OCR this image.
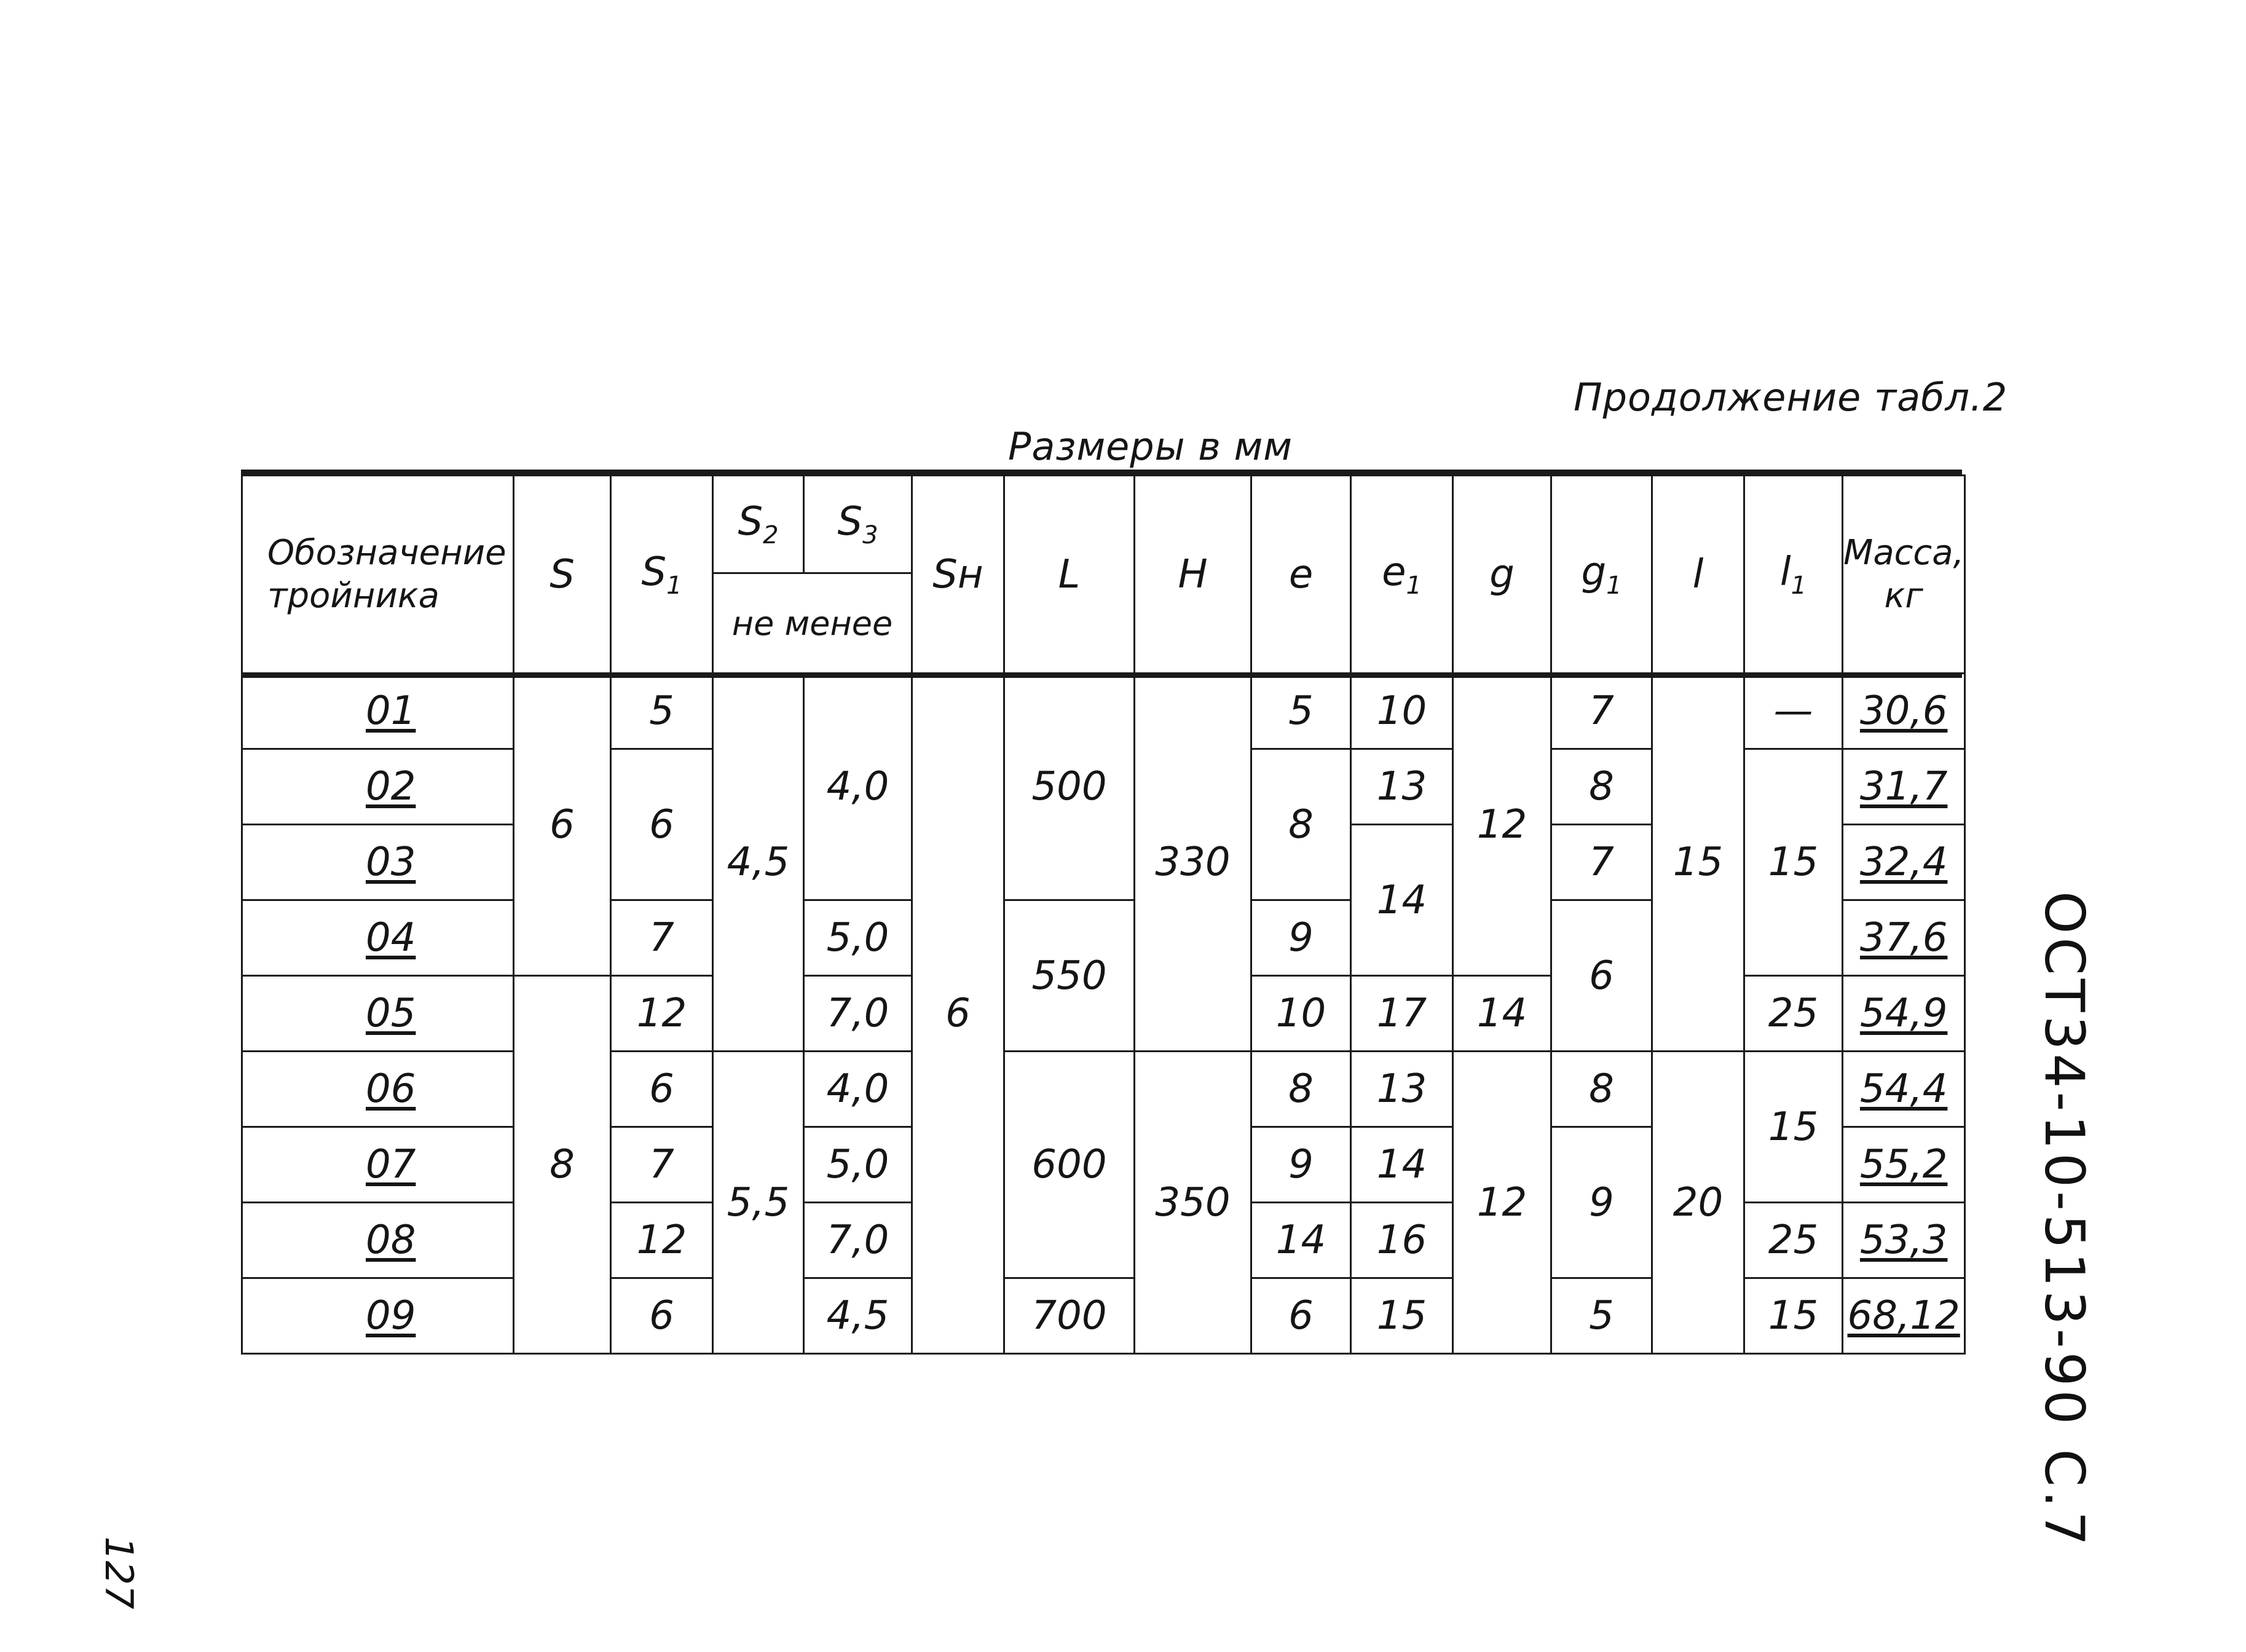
Продолжение табл.2
Размеры в мм
Обозначение тройника	S	$S_1$	$S_2$	$S_3$	Sн	L	H	e	$e_1$	g	$g_1$	l	$l_1$	Масса, кг
			не менее											
01	6	5	4,5	4,0	6	500	330	5	10	12	7	15	—	30,6
02		6						8	13		8		15	31,7
03									14		7			32,4
04		7		5,0		550		9			6			37,6
05	8	12		7,0				10	17	14			25	54,9
06		6	5,5	4,0		600	350	8	13	12	8	20	15	54,4
07		7		5,0				9	14		9			55,2
08		12		7,0				14	16				25	53,3
09		6		4,5		700		6	15		5		15	68,12 ОСТ34-10-513-90 С.7
127
